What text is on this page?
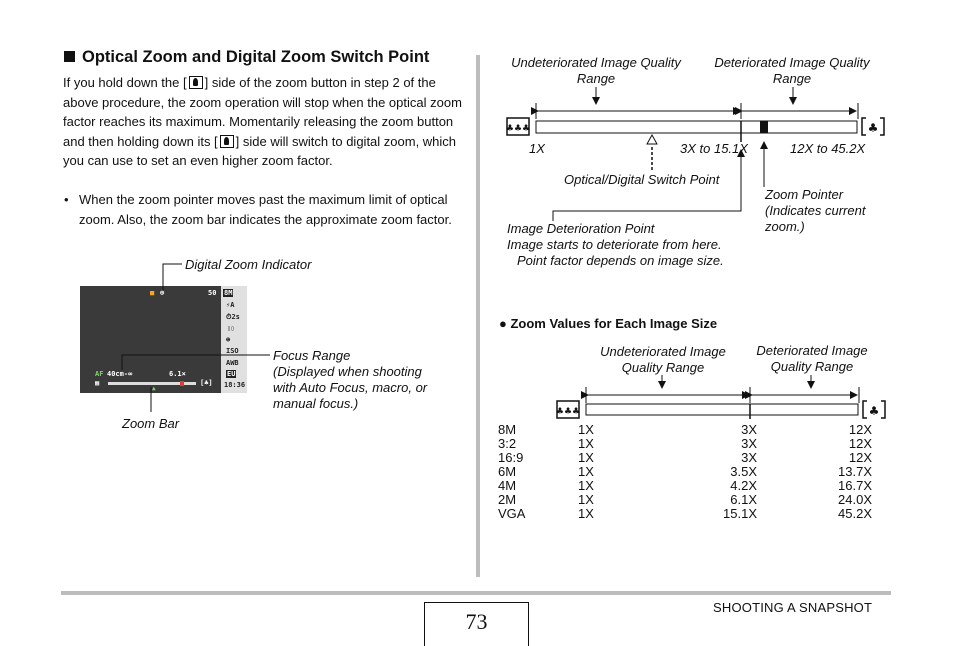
Optical Zoom and Digital Zoom Switch Point
If you hold down the [ ] side of the zoom button in step 2 of the above procedure, the zoom operation will stop when the optical zoom factor reaches its maximum. Momentarily releasing the zoom button and then holding down its [ ] side will switch to digital zoom, which you can use to set an even higher zoom factor.
• When the zoom pointer moves past the maximum limit of optical zoom. Also, the zoom bar indicates the approximate zoom factor.
Digital Zoom Indicator
Focus Range
(Displayed when shooting
with Auto Focus, macro, or
manual focus.)
Zoom Bar
50 8M
⚡A
⏱2s
▯▯
☻
ISO
AWB
EU
18:36
■ ⊕
AF 40cm-∞	6.1×
▦	[♣]
▲
Undeteriorated Image Quality
Range
Deteriorated Image Quality
Range
♣♣♣	♣
♣♣♣	♣
1X	3X to 15.1X	12X to 45.2X
Optical/Digital Switch Point
Zoom Pointer
(Indicates current
zoom.)
Image Deterioration Point
Image starts to deteriorate from here.
Point factor depends on image size.
● Zoom Values for Each Image Size
Undeteriorated Image
Quality Range
Deteriorated Image
Quality Range
8M	1X	3X	12X
3:2	1X	3X	12X
16:9	1X	3X	12X
6M	1X	3.5X	13.7X
4M	1X	4.2X	16.7X
2M	1X	6.1X	24.0X
VGA	1X	15.1X	45.2X
73
SHOOTING A SNAPSHOT
